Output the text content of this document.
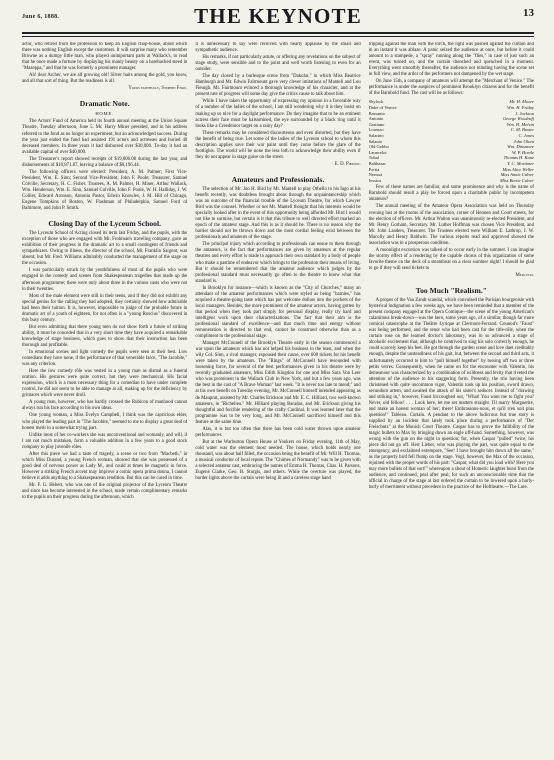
June 6, 1888.	THE KEYNOTE	13

actor, who retired from the profession to keep an English chop-house, about which there was nothing English except the customers. It will surprise many who remember Browne as a dumpy little man, who played unimportant parts at Wallack's, to read that he once made a fortune by displaying his manly beauty on a barebacked steed in "Mazeppa," and that he was formerly a prominent manager.

Ah! dear Archer, we are all growing old! Silver hairs among the gold, you know, and all that sort of thing. But the readiness is all.

Yours faithfully, Stephen Fiske.

Dramatic Note.
HOME.

The Actors' Fund of America held its fourth annual meeting at the Union Square Theatre, Tuesday afternoon, June 5. Mr. Harry Miner presided, and in his address referred to the fund as no longer an experiment, but an acknowledged success. During the year just ended the fund had assisted 191 actors and actresses and buried 40 deceased members. In three years it had disbursed over $30,000. To-day it had an available capital of over $40,000.

The Treasurer's report showed receipts of $19,806.08 during the last year, and disbursements of $10,871.87, leaving a balance of $8,196.44.

The following officers were elected: President, A. M. Palmer; First Vice-President, Wm. E. Sinn; Second Vice-President, John F. Poole; Treasurer, Samuel Colville; Secretary, H. C. Fisher. Trustees, A. M. Palmer, H. Miner, Arthur Wallack, Wm. Henderson, Wm. E. Sinn, Samuel Colville, John F. Poole, W. H. Halliday, J. W. Collier, Edward Aronson, Antonio Pastor, Edwin Knowles, J. M. Hill of Chicago, Eugene Tompkins of Boston, W. Flashman of Philadelphia, Samuel Ford of Baltimore, and John P. Smith.

Closing Day of the Lyceum School.

The Lyceum School of Acting closed its term last Friday, and the pupils, with the exception of those who are engaged with Mr. Frohman's traveling company, gave an exhibition of their progress in the dramatic art to a small contingent of friends and sympathizers. Owing to illness, the director of the school, Mr. Franklin Sargent, was absent; but Mr. Fred. Williams admirably conducted the management of the stage on the occasion.

I was particularly struck by the youthfulness of most of the pupils who were engaged in the comedy and scenes from Shakespearean tragedies that made up the afternoon programme; there were only about three in the various casts who were not in their twenties.

Most of the male element were still in their teens, and if they did not exhibit any special genius for the calling they had adopted, they certainly showed how admirable had been their tuition. It is, however, impossible to judge of the probable future in dramatic art of a youth of eighteen, for not often is a "young Roscius" discovered in this busy century.

But even admitting that there young men do not show forth a future of striking ability, it must be conceded that in a very short time they have acquired a remarkable knowledge of stage business, which goes to show that their instruction has been thorough and profitable.

In emotional scenes and light comedy the pupils were seen at their best. Low comedians they have none, if the performance of that venerable farce, "The Jacobite," was any criterion.

Here the low comedy rôle was vested in a young man as dismal as a funeral oration. His gestures were quite correct, but they were mechanical. His facial expression, which is a most necessary thing for a comedian to have under complete control, he did not seem to be able to manage at all, making up for the deficiency by grimaces which were never droll.

A young man, however, who has hardly crossed the Rubicon of manhood cannot always run his face according to his own ideas.

One young woman, a Miss Evelyn Campbell, I think was the capricious elder, who played the leading part in "The Jacobite," seemed to me to display a great deal of honest merit in a somewhat trying part.

Unlike most of her co-workers she was unconventional and womanly, and will, if I am not much mistaken, form a valuable addition in a few years to a good stock company to play juvenile rôles.

After this piece we had a taste of tragedy, a scene or two from "Macbeth," in which Miss Durand, a young French woman, showed that she was possessed of a good deal of nervous power as Lady M., and could at times be magnetic in force. However a striking French accent may improve a comic opera prima donna, I cannot believe it adds anything to a Shakespearean rendition. But this can be cured in time.

Mr. F. G. Hebert, who was one of the original projector of the Lyceum Theatre and since has become interested in the school, made certain complimentary remarks to the pupils on their progress during the afternoon, which

it is unnecessary to say were received with hearty applause by the small and sympathetic audience.

His remarks, if not particularly astute, or offering any revelations on the subject of stage study, were sensible and to the point and well worth listening to even for an outsider.

The day closed by a burlesque scene from "Dakolar," in which Miss Beatrice Hamburgh and Mr. Edwin Fairmount gave very clever imitations of Mantell and Lou Fleurgh. Mr. Fairmount evinced a thorough knowledge of his character, and at the present rate of progress will some day give the critics cause to talk about him.

While I have taken the opportunity of expressing my opinion in a favorable way of a number of the ladies of the school, I am still wondering why it is they insist on making up so nice for a daylight performance. Do they imagine that to be an eminent actress their face must be kalsomined, the eye surrounded by a black ring until it looks like a Creedmoor target on a rainy day?

These remarks may be considered discourteous and even distorted, but they have the benefit of being true. Let some of the ladies of the Lyceum school to whom this description applies save their war paint until they come before the glare of the footlights. The world will be none the less loth to acknowledge their ability even if they do not appear in stage guise on the street.

E. D. Pierson.

Amateurs and Professionals.

The selection of Mr. Joo H. Bird by Mr. Mantell to play Othello to his Iago at his benefit recently, was doubtless brought about through the acquaintanceship which was an outcome of the financial trouble of the Lyceum Theatre, for which Lawyer Bird was the counsel. Whether or not Mr. Mantell thought that his interests would be specially looked after in the event of this opportunity being afforded Mr. Bird I would not like to surmise, but certain is it that this tribute to well directed effort marked an epoch of the amateur stage. And this is as it should be. There is no reason why the barrier should not be thrown down and the most cordial feeling exist between the professionals and amateurs of the stage.

The principal injury which according to professionals can ensue to them through the amateurs, is the fact that performances are given by amateurs at the regular theatres and every effort is made to approach their own standard by a body of people who make a pastime of endeavor which brings to the profession their means of living. But it should be remembered that the amateur audience which judges by the professional standard must necessarily go often to the theatre to know what that standard is.

In Brooklyn for instance—which is known as the "City of Churches," many an attendant of the amateur performances which were styled as being "barnies," has acquired a theatre-going taste which has put welcome dollars into the pockets of the local managers. Besides, the more prominent of the amateur actors, having gotten by that period when they took part simply for personal display, really try hard and intelligent work upon their characterizations. The fact that their aim is the professional standard of excellence—and that much time and energy without remuneration is directed to that end, cannot be construed otherwise than as a compliment to the professional stage.

Manager McConnell of the Brooklyn Theatre early in the season commenced a war upon the amateurs which has not helped his business in the least, and when the wily Col. Sinn, a rival manager, espoused their cause, over 600 tickets for his benefit were taken by the amateurs. The "Rings" of McConnell have resounded with loosening force, for several of the best performances given in his theatre were by recently graduated amateurs, Miss Edith Kingdon for one and Miss Sara Von Leer who was prominent in the Wallack Club in New York, and but a few years ago, was the best in the cast of "A Brave Woman" last week. "It is never too late to mend;" and at his own benefit on Tuesday evening, Mr. McConnell himself intended appearing as de Mauprat, assisted by Mr. Charles Erickson and Mr. E. C. Hilliard, two well-known amateurs, in "Richelieu." Mr. Hilliard playing Baradas, and Mr. Erickson giving his thoughtful and forcible rendering of the crafty Cardinal. It was learned later that the programme was to be very long, and Mr. McConnell sacrificed himself and this feature at the same time.

Alas, it is but too often that there has been cold water thrown upon amateur performances.

But at the Warburton Opera House at Yonkers on Friday evening, 11th of May, cold water was the element most needed. The house, which holds nearly one thousand, was about half filled, the occasion being the benefit of Mr. Will H. Thomas, a musical conductor of local repute. The "Chimes of Normandy" was to be given with a selected amateur cast, embracing the names of Emma H. Thomas, Chas. H. Parsons, Eugene Clarke, Geo. B. Sturgis, and others. While the overture was played, the border lights above the curtain were being lit and a careless stage hand

tripping against the man with the torch, the light was pushed against the curtain and in an instant it was ablaze. A panic seized the audience at once, but before it could amount to a stampede, a "spray" running along the "flies," in case of just such an event, was turned on, and the curtain drenched and quenched in a moment. Everything went smoothly thereafter, the audience not minding having the scene set in full view, and the ardor of the performers not dampened by the wet stage.

On June 15th, a company of amateurs will attempt the "Merchant of Venice." The performance is under the auspices of prominent Brooklyn citizens and for the benefit of the Barnbold fund. The cast will be as follows:

Shylock	Mr. H. Moore
Duke of Venice	Wm. H. Friday
Bassanio	J. Jackson
Antonio	George Woodruff
Gratiano	Wm. H. Melvin
Lorenzo	C. M. Baxter
Salarino	C. Jones
Salanio	John Olsen
Old Gobbo	Wm. Dinsmore
Launcelot	W. P. Hoetle
Tubal	Thomas H. Kane
Balthazar	Y. C. Mortimer
Portia	Miss Alice Weller
Nerissa	Miss Annie Culver
Jessica	Miss Bertie Culver

Few of these names are familiar, and some prominence and why is the name of Barnbold should result a play be forced upon a charitable public by incompetent amateurs?

The annual meeting of the Amateur Opera Association was held on Thursday evening last at the rooms of the association, corner of Hennen and Court streets, for the election of officers. Mr. Arthur Walton was unanimously re-elected President, and Mr. Henry Gorham, Secretary. Mr. Luther Hoffman was chosen Vice President, and Mr. John Landers, Treasurer. The Trustees elected were William E. Lathrop, J. W. Macolly and Henry Baldwin. The various reports read and approved showed the association was in a prosperous condition.

A moonlight excursion was talked of to occur early in the summer. I can imagine the stormy effect of a rendering by the capable chorus of this organization of some favorite theme on the deck of a steamboat on a clear summer night! I should be glad to go if they will send tickets to

Mercutio.

Too Much "Realism."

A propos of the Van Zandt scandal, which convulsed the Parisian bourgeoisie with hysterical indignation a few weeks ago, we have been reminded that a member of the present company engaged at the Opera Comique—the scene of the young American's calamitous break-down—was the hero, some years ago, of a similar, though far more comical catastrophe at the Théâtre Lyrique at Clermont-Ferrand. Gounod's "Faust" was being performed, and the tenor who had been cast for the title-rôle, when the curtain rose on the learned doctor's laboratory, was in so advanced a stage of alcoholic excitement that, although he contrived to sing his solo correctly enough, he could scarcely keep his feet. He got through the garden scene and love duet creditably enough, despite the unsteadiness of his gait, but, between the second and third acts, it unfortunately occurred to him to "pull himself together" by tossing off two or three petits verres. Consequently, when he came on for the encounter with Valentin, his demeanour was characterized by a combination of wildness and levity that riveted the attention of the audience to his staggering form. Presently, the trio having been christened with quite uncommon vigor, Valentin took up his position, sword drawn, secundum artem, and awaited the attack of his sister's seducer. Instead of "drawing and striking in," however, Faust hiccoughed out, "What! You want me to fight you? Never, old fellow! . . . Look here, let me set matters straight. I'll marry Marguerite, and make an honest woman of her; there! Embrassons-nous, et qu'il n'en soit plus question!" Tableau. Curtain. A pendant to the above ludicrous but true story is supplied by an incident that lately took place during a performance of "Der Freischutz" at the Munich Court Theatre. Caspar has to prove the fallibility of the magic bullets to Max by bringing down an eagle off-hand. Something, however, was wrong with the gun on the night in question; for, when Caspar "pulled" twice, his piece did not go off. Herr Lieber, who was playing the part, was quite equal to the emergency, and exclaimed extempore, "See! I have brought him down all the same," as the property bird fell flump on the stage. Vogl, however, the Max of the occasion, rejoined with the proper words of his part: "Caspar, what did you load with? Here you may more bullets of that sort!" whereupon a shout of Homeric laughter burst from the audience, and continued, peal after peal, for such an unconscionable time that the official in charge of the stage at last ordered the curtain to be lowered upon a hurly-burly of merriment without precedent in the practice of the Hoftheatre.—The Lute.
